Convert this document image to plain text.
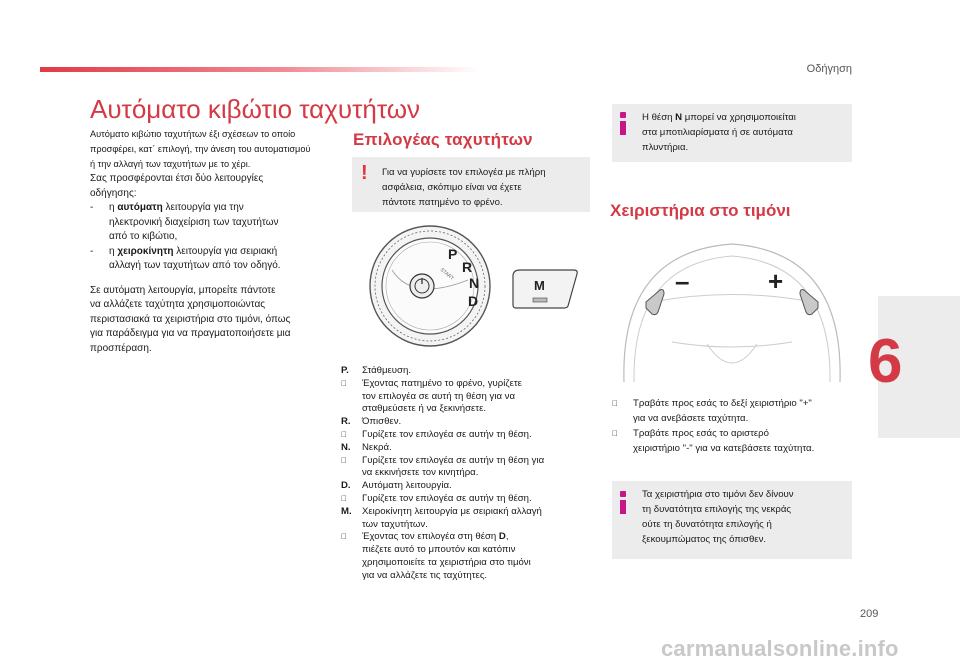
Οδήγηση
Αυτόματο κιβώτιο ταχυτήτων
Αυτόματο κιβώτιο ταχυτήτων έξι σχέσεων το οποίο
προσφέρει, κατ΄ επιλογή, την άνεση του αυτοματισμού
ή την αλλαγή των ταχυτήτων με το χέρι.
Σας προσφέρονται έτσι δύο λειτουργίες
οδήγησης:
-	η αυτόματη λειτουργία για την
ηλεκτρονική διαχείριση των ταχυτήτων
από το κιβώτιο,
-	η χειροκίνητη λειτουργία για σειριακή
αλλαγή των ταχυτήτων από τον οδηγό.
Σε αυτόματη λειτουργία, μπορείτε πάντοτε
να αλλάζετε ταχύτητα χρησιμοποιώντας
περιστασιακά τα χειριστήρια στο τιμόνι, όπως
για παράδειγμα για να πραγματοποιήσετε μια
προσπέραση.
Επιλογέας ταχυτήτων
! Για να γυρίσετε τον επιλογέα με πλήρη
ασφάλεια, σκόπιμο είναι να έχετε
πάντοτε πατημένο το φρένο.
P
R
N
D
START
M
P.	Στάθμευση.
Έχοντας πατημένο το φρένο, γυρίζετε
τον επιλογέα σε αυτή τη θέση για να
σταθμεύσετε ή να ξεκινήσετε.
R.	Όπισθεν.
Γυρίζετε τον επιλογέα σε αυτήν τη θέση.
N.	Νεκρά.
Γυρίζετε τον επιλογέα σε αυτήν τη θέση για
να εκκινήσετε τον κινητήρα.
D.	Αυτόματη λειτουργία.
Γυρίζετε τον επιλογέα σε αυτήν τη θέση.
M.	Χειροκίνητη λειτουργία με σειριακή αλλαγή
των ταχυτήτων.
Έχοντας τον επιλογέα στη θέση D,
πιέζετε αυτό το μπουτόν και κατόπιν
χρησιμοποιείτε τα χειριστήρια στο τιμόνι
για να αλλάζετε τις ταχύτητες.
Η θέση N μπορεί να χρησιμοποιείται
στα μποτιλιαρίσματα ή σε αυτόματα
πλυντήρια.
Χειριστήρια στο τιμόνι
–	+
Τραβάτε προς εσάς το δεξί χειριστήριο "+"
για να ανεβάσετε ταχύτητα.
Τραβάτε προς εσάς το αριστερό
χειριστήριο "-" για να κατεβάσετε ταχύτητα.
Τα χειριστήρια στο τιμόνι δεν δίνουν
τη δυνατότητα επιλογής της νεκράς
ούτε τη δυνατότητα επιλογής ή
ξεκουμπώματος της όπισθεν.
6
209
carmanualsonline.info
